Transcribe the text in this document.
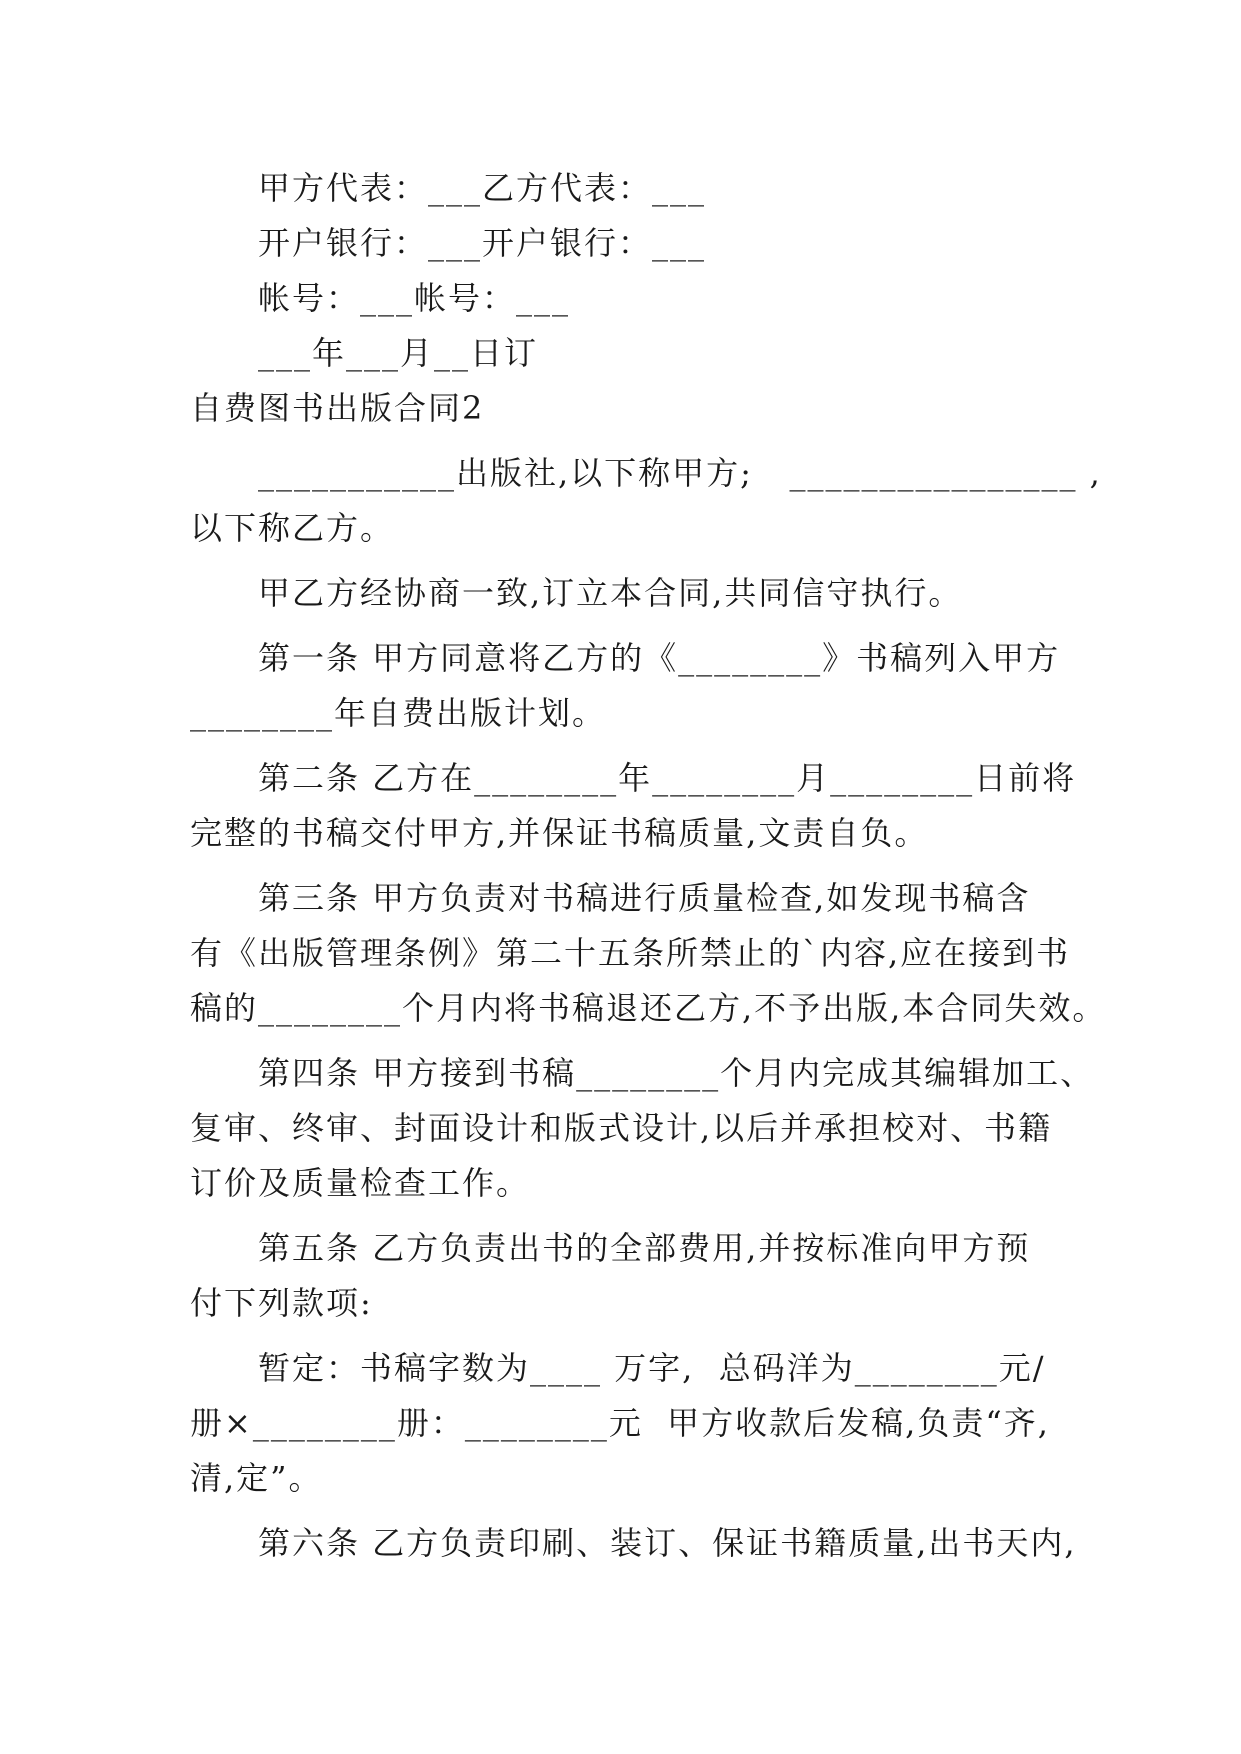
甲方代表：___乙方代表：___
开户银行：___开户银行：___
帐号：___帐号：___
___年___月__日订
自费图书出版合同2
___________出版社,以下称甲方;   ________________ ,
以下称乙方。
甲乙方经协商一致,订立本合同,共同信守执行。
第一条 甲方同意将乙方的《________》书稿列入甲方
________年自费出版计划。
第二条 乙方在________年________月________日前将
完整的书稿交付甲方,并保证书稿质量,文责自负。
第三条 甲方负责对书稿进行质量检查,如发现书稿含
有《出版管理条例》第二十五条所禁止的`内容,应在接到书
稿的________个月内将书稿退还乙方,不予出版,本合同失效。
第四条 甲方接到书稿________个月内完成其编辑加工、
复审、终审、封面设计和版式设计,以后并承担校对、书籍
订价及质量检查工作。
第五条 乙方负责出书的全部费用,并按标准向甲方预
付下列款项:
暂定：书稿字数为____ 万字,  总码洋为________元/
册×________册：________元  甲方收款后发稿,负责“齐,
清,定”。
第六条 乙方负责印刷、装订、保证书籍质量,出书天内,
